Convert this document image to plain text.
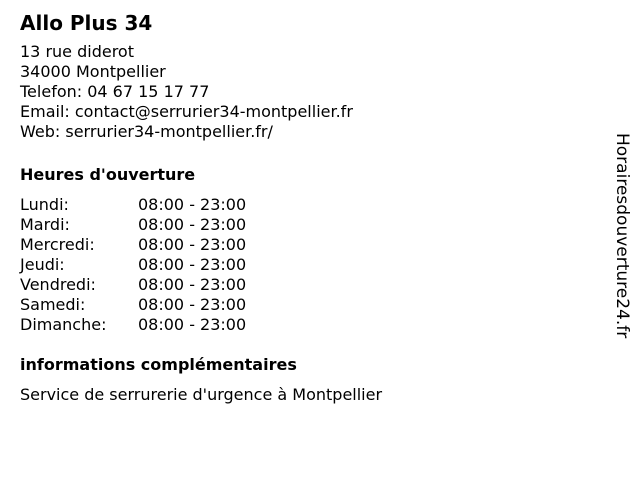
Allo Plus 34
13 rue diderot
34000 Montpellier
Telefon: 04 67 15 17 77
Email: contact@serrurier34-montpellier.fr
Web: serrurier34-montpellier.fr/
Heures d'ouverture
Lundi:	08:00 - 23:00
Mardi:	08:00 - 23:00
Mercredi:	08:00 - 23:00
Jeudi:	08:00 - 23:00
Vendredi:	08:00 - 23:00
Samedi:	08:00 - 23:00
Dimanche:	08:00 - 23:00
informations complémentaires
Service de serrurerie d'urgence à Montpellier
Horairesdouverture24.fr
